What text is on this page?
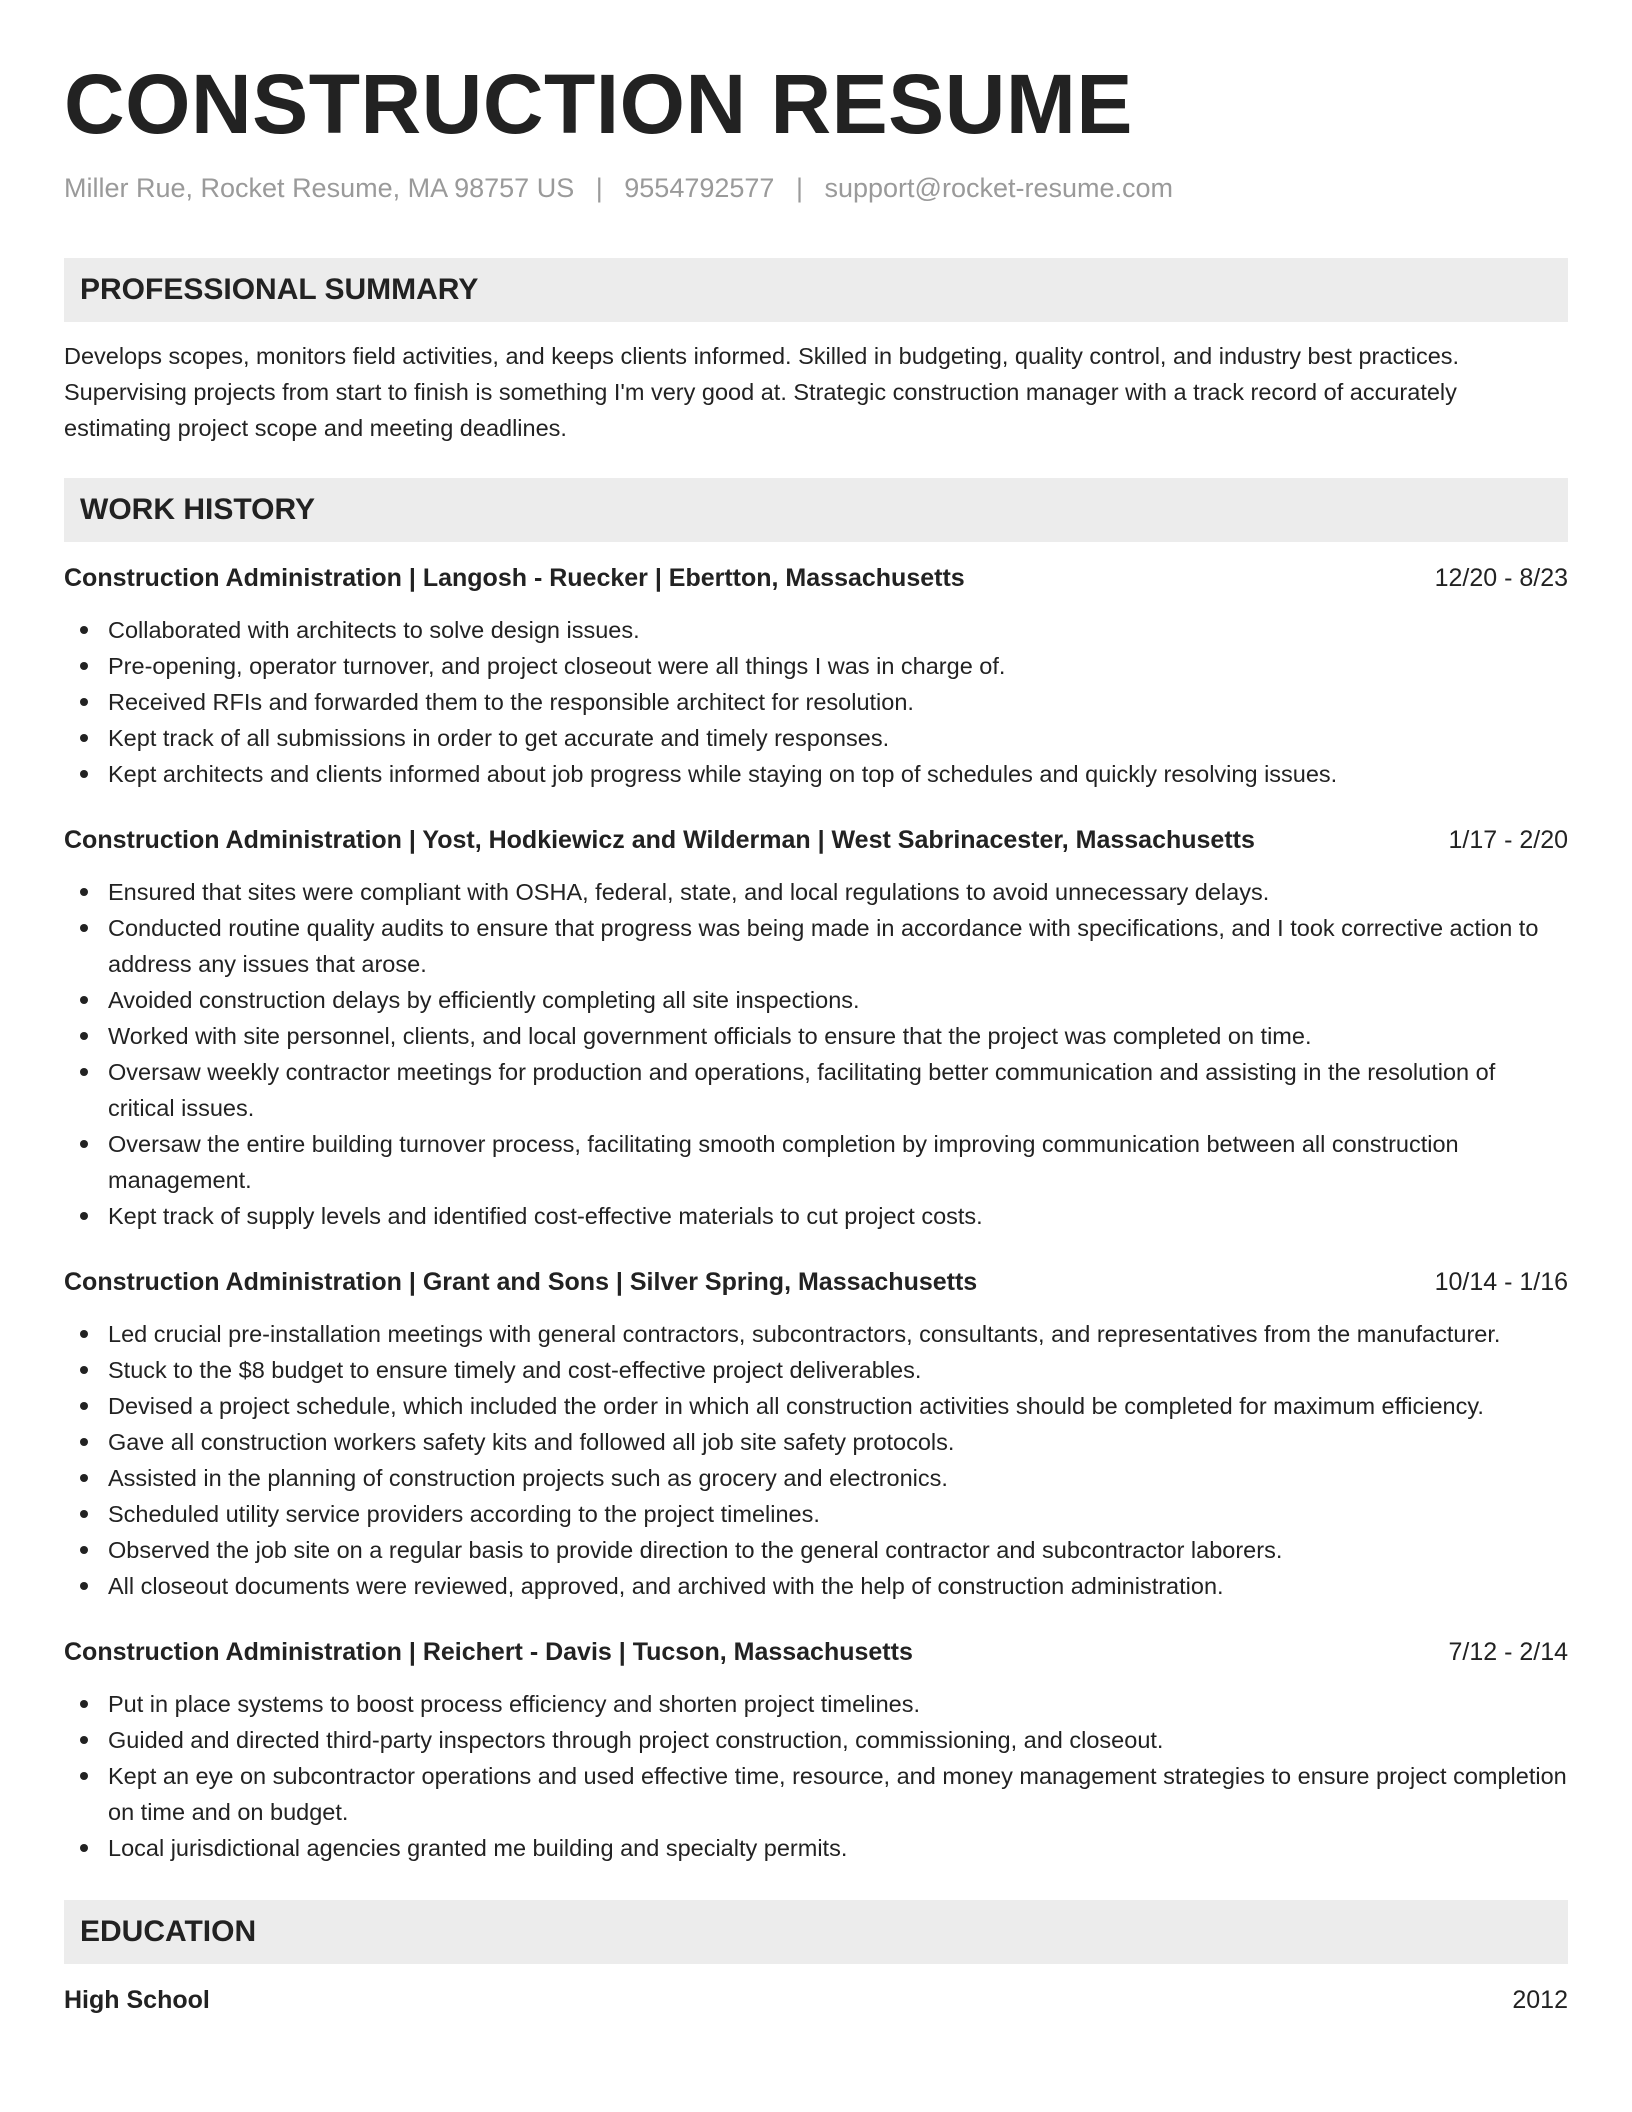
CONSTRUCTION RESUME
Miller Rue, Rocket Resume, MA 98757 US | 9554792577 | support@rocket-resume.com
PROFESSIONAL SUMMARY

Develops scopes, monitors field activities, and keeps clients informed. Skilled in budgeting, quality control, and industry best practices. Supervising projects from start to finish is something I'm very good at. Strategic construction manager with a track record of accurately estimating project scope and meeting deadlines.

WORK HISTORY
Construction Administration | Langosh - Ruecker | Ebertton, Massachusetts	12/20 - 8/23
Collaborated with architects to solve design issues.
Pre-opening, operator turnover, and project closeout were all things I was in charge of.
Received RFIs and forwarded them to the responsible architect for resolution.
Kept track of all submissions in order to get accurate and timely responses.
Kept architects and clients informed about job progress while staying on top of schedules and quickly resolving issues.
Construction Administration | Yost, Hodkiewicz and Wilderman | West Sabrinacester, Massachusetts	1/17 - 2/20
Ensured that sites were compliant with OSHA, federal, state, and local regulations to avoid unnecessary delays.
Conducted routine quality audits to ensure that progress was being made in accordance with specifications, and I took corrective action to address any issues that arose.
Avoided construction delays by efficiently completing all site inspections.
Worked with site personnel, clients, and local government officials to ensure that the project was completed on time.
Oversaw weekly contractor meetings for production and operations, facilitating better communication and assisting in the resolution of critical issues.
Oversaw the entire building turnover process, facilitating smooth completion by improving communication between all construction management.
Kept track of supply levels and identified cost-effective materials to cut project costs.
Construction Administration | Grant and Sons | Silver Spring, Massachusetts	10/14 - 1/16
Led crucial pre-installation meetings with general contractors, subcontractors, consultants, and representatives from the manufacturer.
Stuck to the $8 budget to ensure timely and cost-effective project deliverables.
Devised a project schedule, which included the order in which all construction activities should be completed for maximum efficiency.
Gave all construction workers safety kits and followed all job site safety protocols.
Assisted in the planning of construction projects such as grocery and electronics.
Scheduled utility service providers according to the project timelines.
Observed the job site on a regular basis to provide direction to the general contractor and subcontractor laborers.
All closeout documents were reviewed, approved, and archived with the help of construction administration.
Construction Administration | Reichert - Davis | Tucson, Massachusetts	7/12 - 2/14
Put in place systems to boost process efficiency and shorten project timelines.
Guided and directed third-party inspectors through project construction, commissioning, and closeout.
Kept an eye on subcontractor operations and used effective time, resource, and money management strategies to ensure project completion on time and on budget.
Local jurisdictional agencies granted me building and specialty permits.
EDUCATION
High School	2012
